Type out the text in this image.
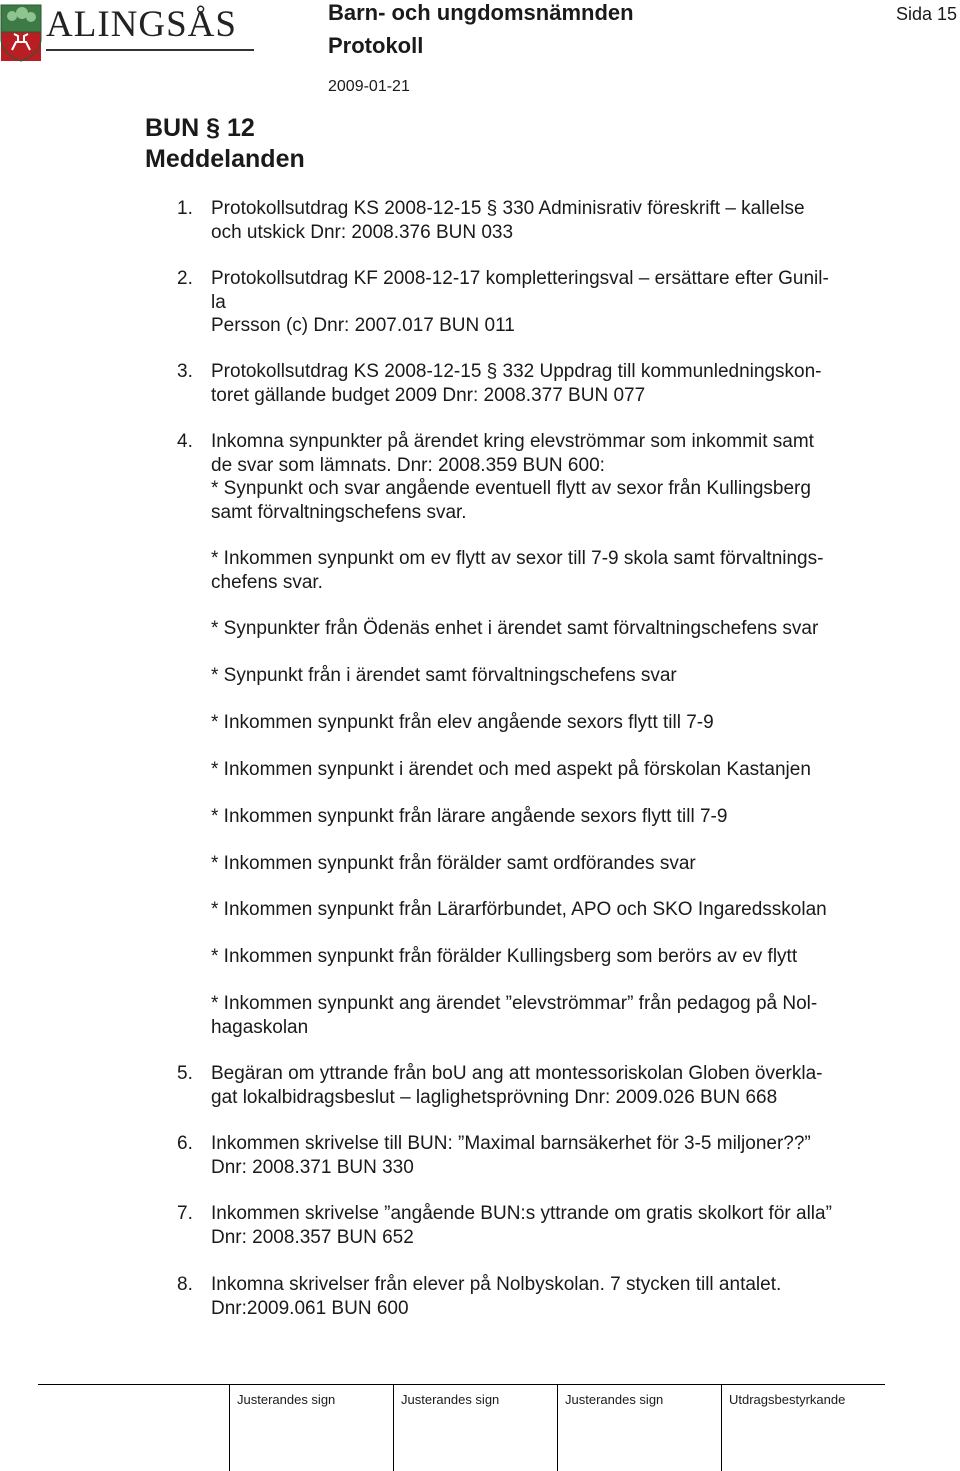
ALINGSÅS	Barn- och ungdomsnämnden
Protokoll
2009-01-21
Sida 15
BUN § 12
Meddelanden
1. Protokollsutdrag KS 2008-12-15 § 330 Adminisrativ föreskrift – kallelse
och utskick Dnr: 2008.376 BUN 033
2. Protokollsutdrag KF 2008-12-17 kompletteringsval – ersättare efter Gunil-
la
Persson (c) Dnr: 2007.017 BUN 011
3. Protokollsutdrag KS 2008-12-15 § 332 Uppdrag till kommunledningskon-
toret gällande budget 2009 Dnr: 2008.377 BUN 077
4. Inkomna synpunkter på ärendet kring elevströmmar som inkommit samt
de svar som lämnats. Dnr: 2008.359 BUN 600:
* Synpunkt och svar angående eventuell flytt av sexor från Kullingsberg
samt förvaltningschefens svar.
* Inkommen synpunkt om ev flytt av sexor till 7-9 skola samt förvaltnings-
chefens svar.
* Synpunkter från Ödenäs enhet i ärendet samt förvaltningschefens svar
* Synpunkt från i ärendet samt förvaltningschefens svar
* Inkommen synpunkt från elev angående sexors flytt till 7-9
* Inkommen synpunkt i ärendet och med aspekt på förskolan Kastanjen
* Inkommen synpunkt från lärare angående sexors flytt till 7-9
* Inkommen synpunkt från förälder samt ordförandes svar
* Inkommen synpunkt från Lärarförbundet, APO och SKO Ingaredsskolan
* Inkommen synpunkt från förälder Kullingsberg som berörs av ev flytt
* Inkommen synpunkt ang ärendet ”elevströmmar” från pedagog på Nol-
hagaskolan
5. Begäran om yttrande från boU ang att montessoriskolan Globen överkla-
gat lokalbidragsbeslut – laglighetsprövning Dnr: 2009.026 BUN 668
6. Inkommen skrivelse till BUN: ”Maximal barnsäkerhet för 3-5 miljoner??”
Dnr: 2008.371 BUN 330
7. Inkommen skrivelse ”angående BUN:s yttrande om gratis skolkort för alla”
Dnr: 2008.357 BUN 652
8. Inkomna skrivelser från elever på Nolbyskolan. 7 stycken till antalet.
Dnr:2009.061 BUN 600
Justerandes sign	Justerandes sign	Justerandes sign	Utdragsbestyrkande
